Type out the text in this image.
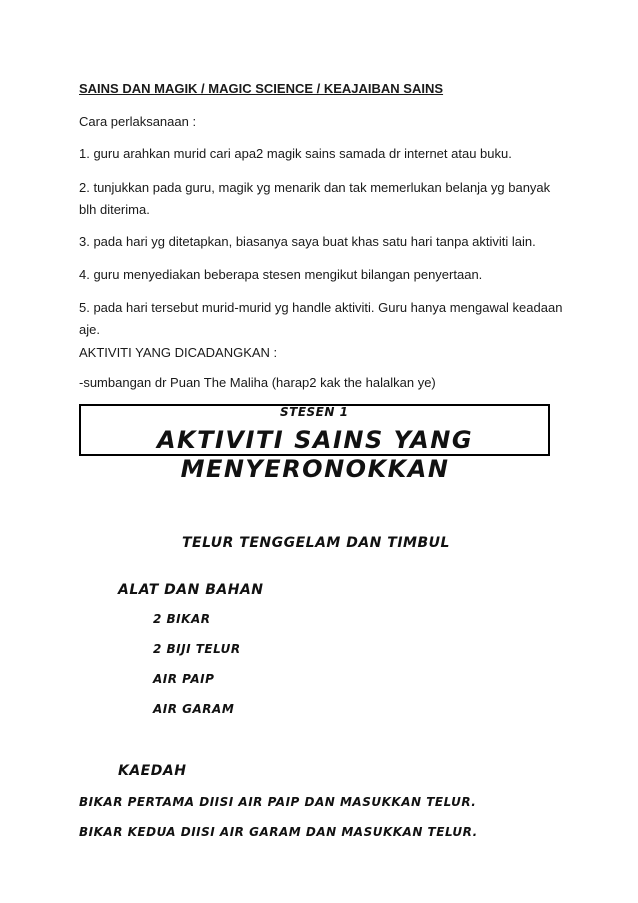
SAINS DAN MAGIK / MAGIC SCIENCE / KEAJAIBAN SAINS
Cara perlaksanaan :
1. guru arahkan murid cari apa2 magik sains samada dr internet atau buku.
2. tunjukkan pada guru, magik yg menarik dan tak memerlukan belanja yg banyak blh diterima.
3. pada hari yg ditetapkan, biasanya saya buat khas satu hari tanpa aktiviti lain.
4. guru menyediakan beberapa stesen mengikut bilangan penyertaan.
5. pada hari tersebut murid-murid yg handle aktiviti. Guru hanya mengawal keadaan aje.
AKTIVITI YANG DICADANGKAN :
-sumbangan dr Puan The Maliha (harap2 kak the halalkan ye)
STESEN 1
AKTIVITI SAINS YANG MENYERONOKKAN
TELUR TENGGELAM DAN TIMBUL
ALAT DAN BAHAN
2 BIKAR
2 BIJI TELUR
AIR PAIP
AIR GARAM
KAEDAH
BIKAR PERTAMA DIISI AIR PAIP DAN MASUKKAN TELUR.
BIKAR KEDUA DIISI AIR GARAM DAN MASUKKAN TELUR.
